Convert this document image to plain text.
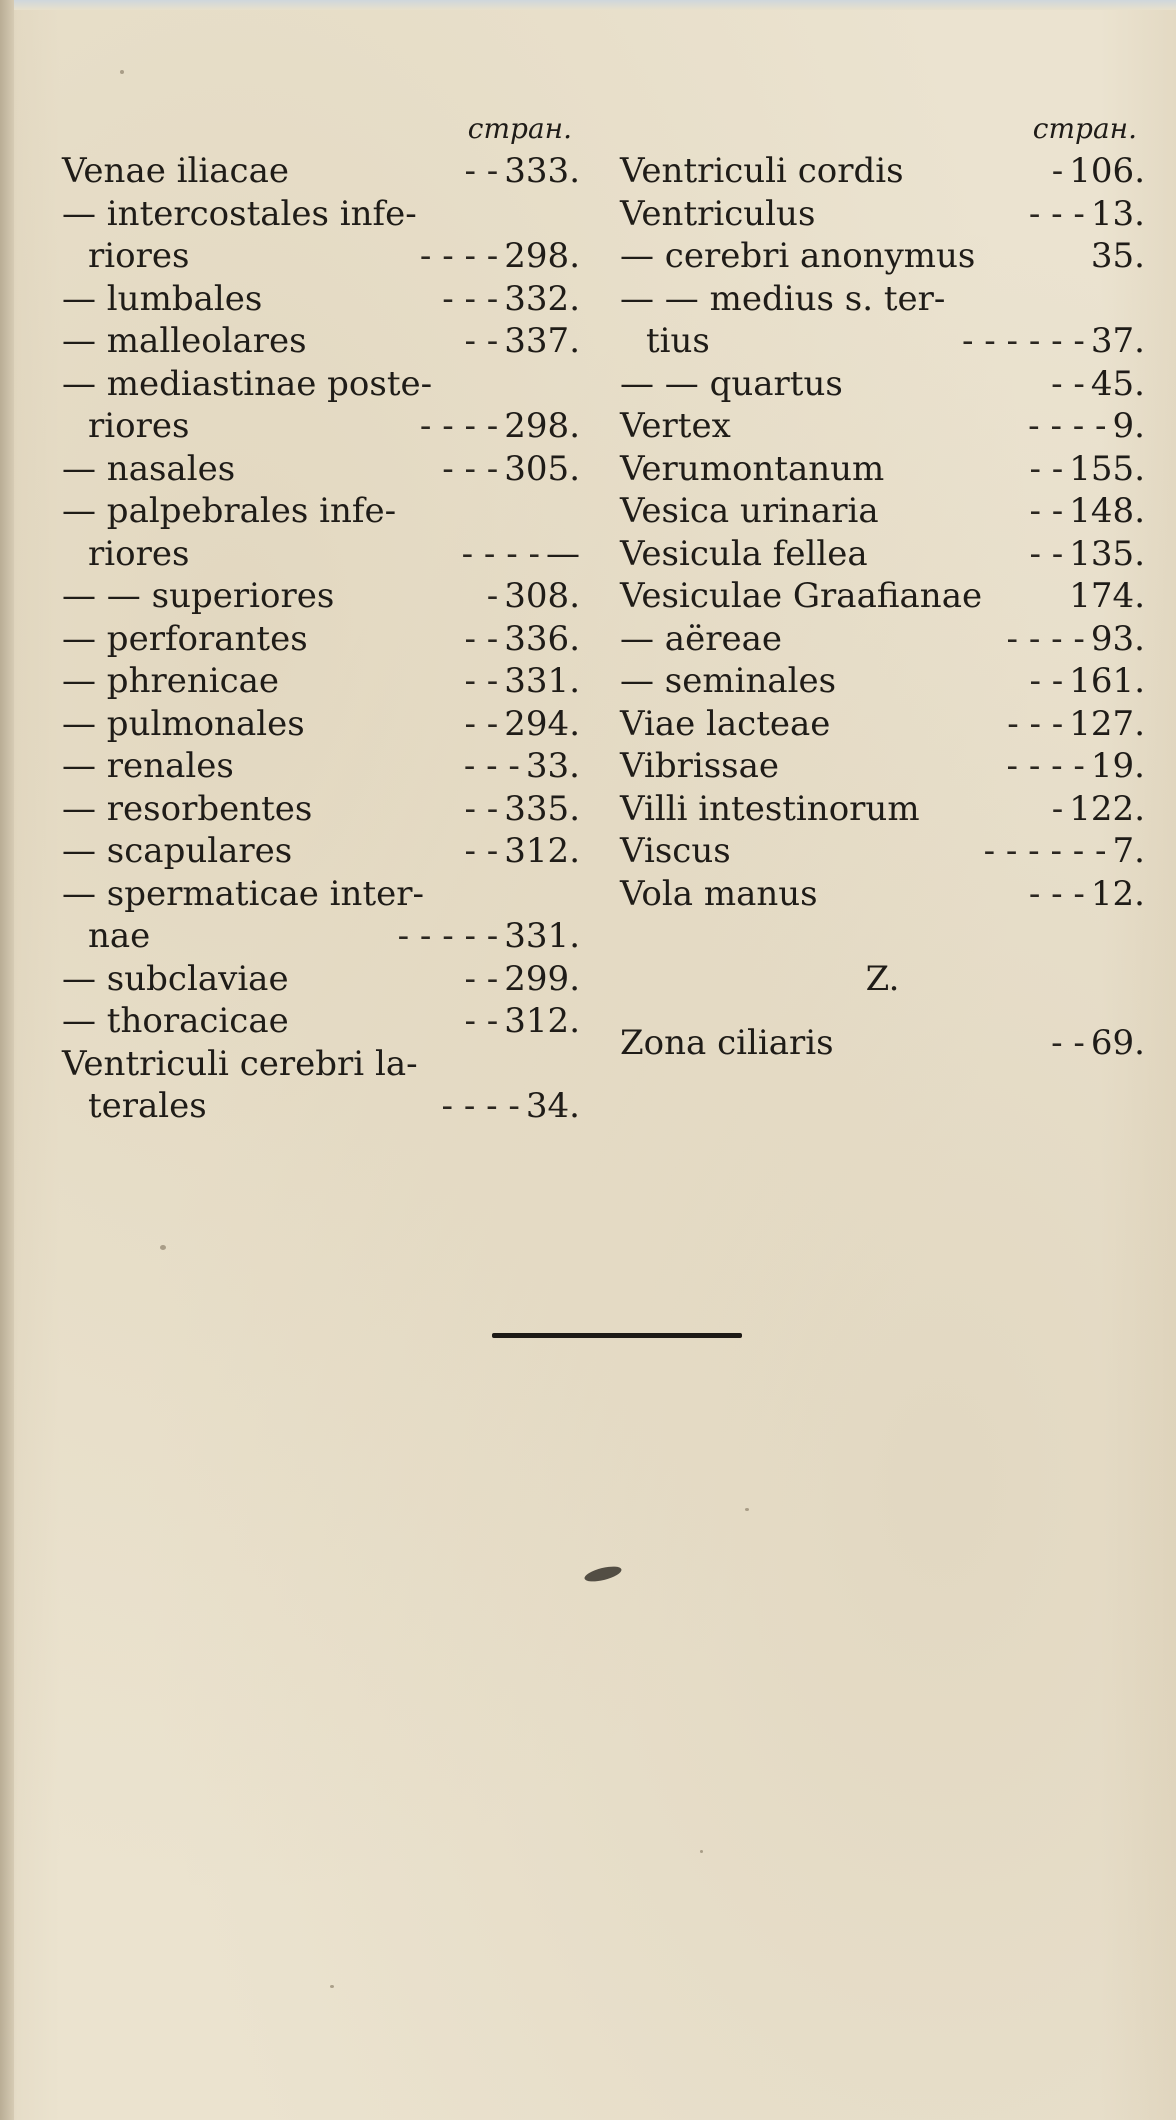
стран.
Venae iliacae	- - 333.
— intercostales infe-
riores	- - - - 298.
— lumbales	- - - 332.
— malleolares	- - 337.
— mediastinae poste-
riores	- - - - 298.
— nasales	- - - 305.
— palpebrales infe-
riores	- - - - —
— — superiores	- 308.
— perforantes	- - 336.
— phrenicae	- - 331.
— pulmonales	- - 294.
— renales	- - - 33.
— resorbentes	- - 335.
— scapulares	- - 312.
— spermaticae inter-
nae	- - - - - 331.
— subclaviae	- - 299.
— thoracicae	- - 312.
Ventriculi cerebri la-
terales	- - - - 34.
стран.
Ventriculi cordis	- 106.
Ventriculus	- - - 13.
— cerebri anonymus	35.
— — medius s. ter-
tius	- - - - - - 37.
— — quartus	- - 45.
Vertex	- - - - 9.
Verumontanum	- - 155.
Vesica urinaria	- - 148.
Vesicula fellea	- - 135.
Vesiculae Graafianae	174.
— aëreae	- - - - 93.
— seminales	- - 161.
Viae lacteae	- - - 127.
Vibrissae	- - - - 19.
Villi intestinorum	- 122.
Viscus	- - - - - - 7.
Vola manus	- - - 12.
Z.
Zona ciliaris	- - 69.
